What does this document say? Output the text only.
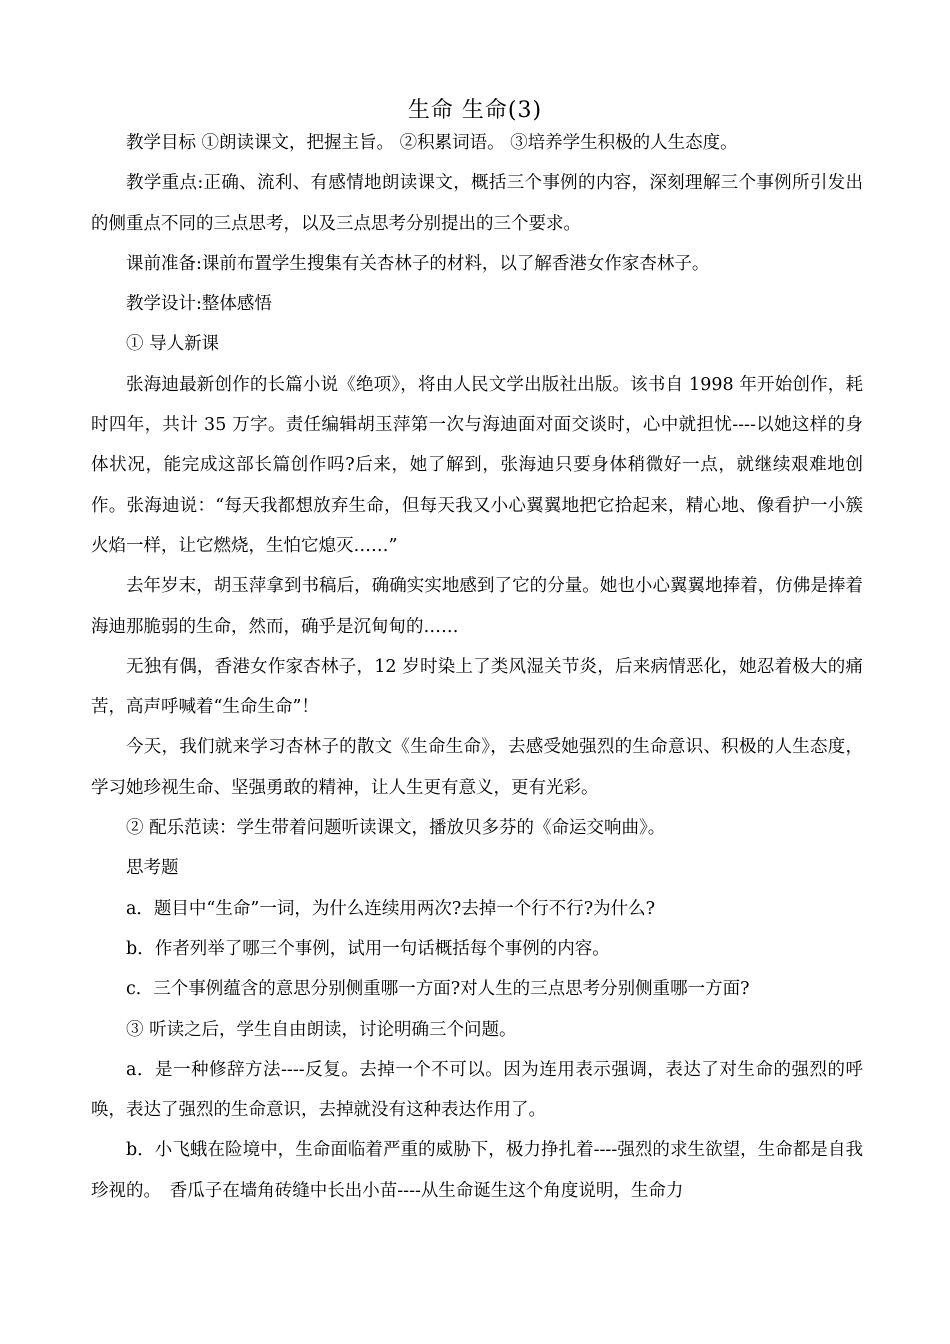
生命 生命(3)

教学目标 ①朗读课文，把握主旨。 ②积累词语。 ③培养学生积极的人生态度。

教学重点:正确、流利、有感情地朗读课文，概括三个事例的内容，深刻理解三个事例所引发出的侧重点不同的三点思考，以及三点思考分别提出的三个要求。

课前准备:课前布置学生搜集有关杏林子的材料，以了解香港女作家杏林子。

教学设计:整体感悟

① 导人新课

张海迪最新创作的长篇小说《绝项》，将由人民文学出版社出版。该书自 1998 年开始创作，耗时四年，共计 35 万字。责任编辑胡玉萍第一次与海迪面对面交谈时，心中就担忧----以她这样的身体状况，能完成这部长篇创作吗?后来，她了解到，张海迪只要身体稍微好一点，就继续艰难地创作。张海迪说：“每天我都想放弃生命，但每天我又小心翼翼地把它拾起来，精心地、像看护一小簇火焰一样，让它燃烧，生怕它熄灭……”

去年岁末，胡玉萍拿到书稿后，确确实实地感到了它的分量。她也小心翼翼地捧着，仿佛是捧着海迪那脆弱的生命，然而，确乎是沉甸甸的……

无独有偶，香港女作家杏林子，12 岁时染上了类风湿关节炎，后来病情恶化，她忍着极大的痛苦，高声呼喊着“生命生命”！

今天，我们就来学习杏林子的散文《生命生命》，去感受她强烈的生命意识、积极的人生态度，学习她珍视生命、坚强勇敢的精神，让人生更有意义，更有光彩。

② 配乐范读：学生带着问题听读课文，播放贝多芬的《命运交响曲》。

思考题

a．题目中“生命”一词，为什么连续用两次?去掉一个行不行?为什么?

b．作者列举了哪三个事例，试用一句话概括每个事例的内容。

c．三个事例蕴含的意思分别侧重哪一方面?对人生的三点思考分别侧重哪一方面?

③ 听读之后，学生自由朗读，讨论明确三个问题。

a．是一种修辞方法----反复。去掉一个不可以。因为连用表示强调，表达了对生命的强烈的呼唤，表达了强烈的生命意识，去掉就没有这种表达作用了。

b．小飞蛾在险境中，生命面临着严重的威胁下，极力挣扎着----强烈的求生欲望，生命都是自我珍视的。　香瓜子在墙角砖缝中长出小苗----从生命诞生这个角度说明，生命力
